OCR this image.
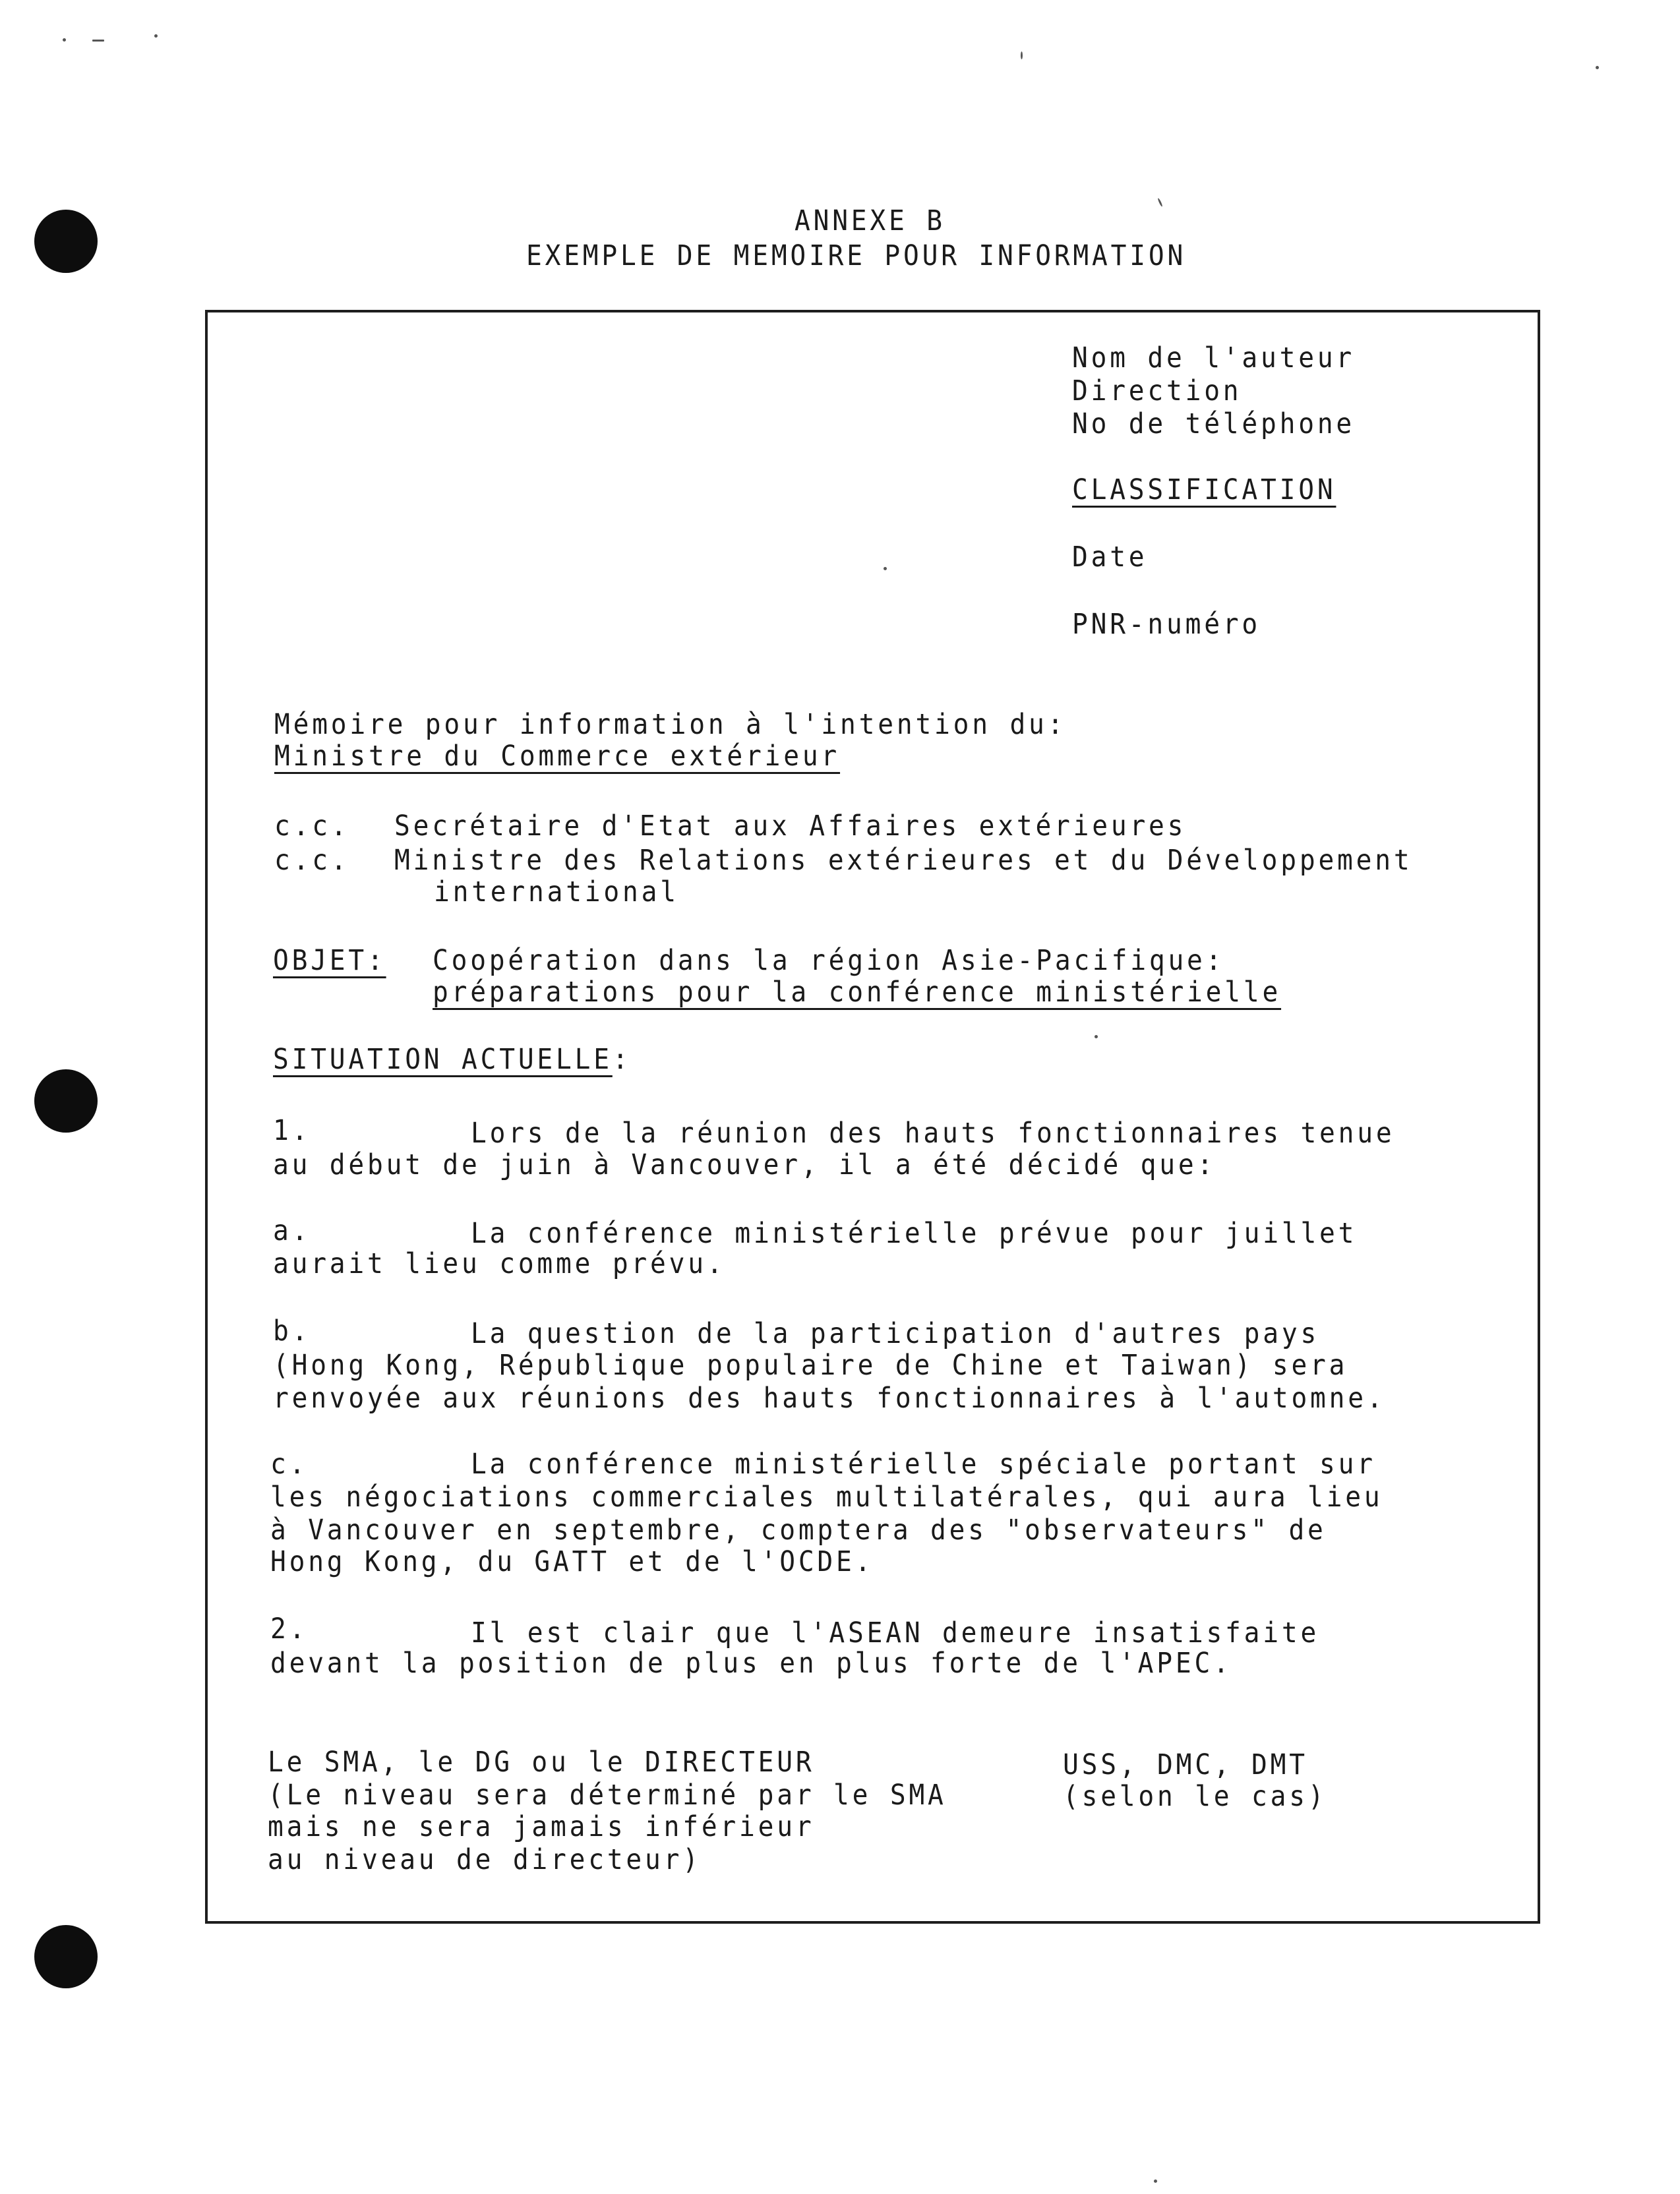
ANNEXE B
EXEMPLE DE MEMOIRE POUR INFORMATION
Nom de l'auteur
Direction
No de téléphone
CLASSIFICATION
Date
PNR-numéro
Mémoire pour information à l'intention du:
Ministre du Commerce extérieur
c.c. Secrétaire d'Etat aux Affaires extérieures
c.c. Ministre des Relations extérieures et du Développement
international
OBJET: Coopération dans la région Asie-Pacifique:
préparations pour la conférence ministérielle
SITUATION ACTUELLE:
1.	Lors de la réunion des hauts fonctionnaires tenue
au début de juin à Vancouver, il a été décidé que:
a.	La conférence ministérielle prévue pour juillet
aurait lieu comme prévu.
b.	La question de la participation d'autres pays
(Hong Kong, République populaire de Chine et Taiwan) sera
renvoyée aux réunions des hauts fonctionnaires à l'automne.
c.	La conférence ministérielle spéciale portant sur
les négociations commerciales multilatérales, qui aura lieu
à Vancouver en septembre, comptera des "observateurs" de
Hong Kong, du GATT et de l'OCDE.
2.	Il est clair que l'ASEAN demeure insatisfaite
devant la position de plus en plus forte de l'APEC.
Le SMA, le DG ou le DIRECTEUR
(Le niveau sera déterminé par le SMA
mais ne sera jamais inférieur
au niveau de directeur)
USS, DMC, DMT
(selon le cas)
